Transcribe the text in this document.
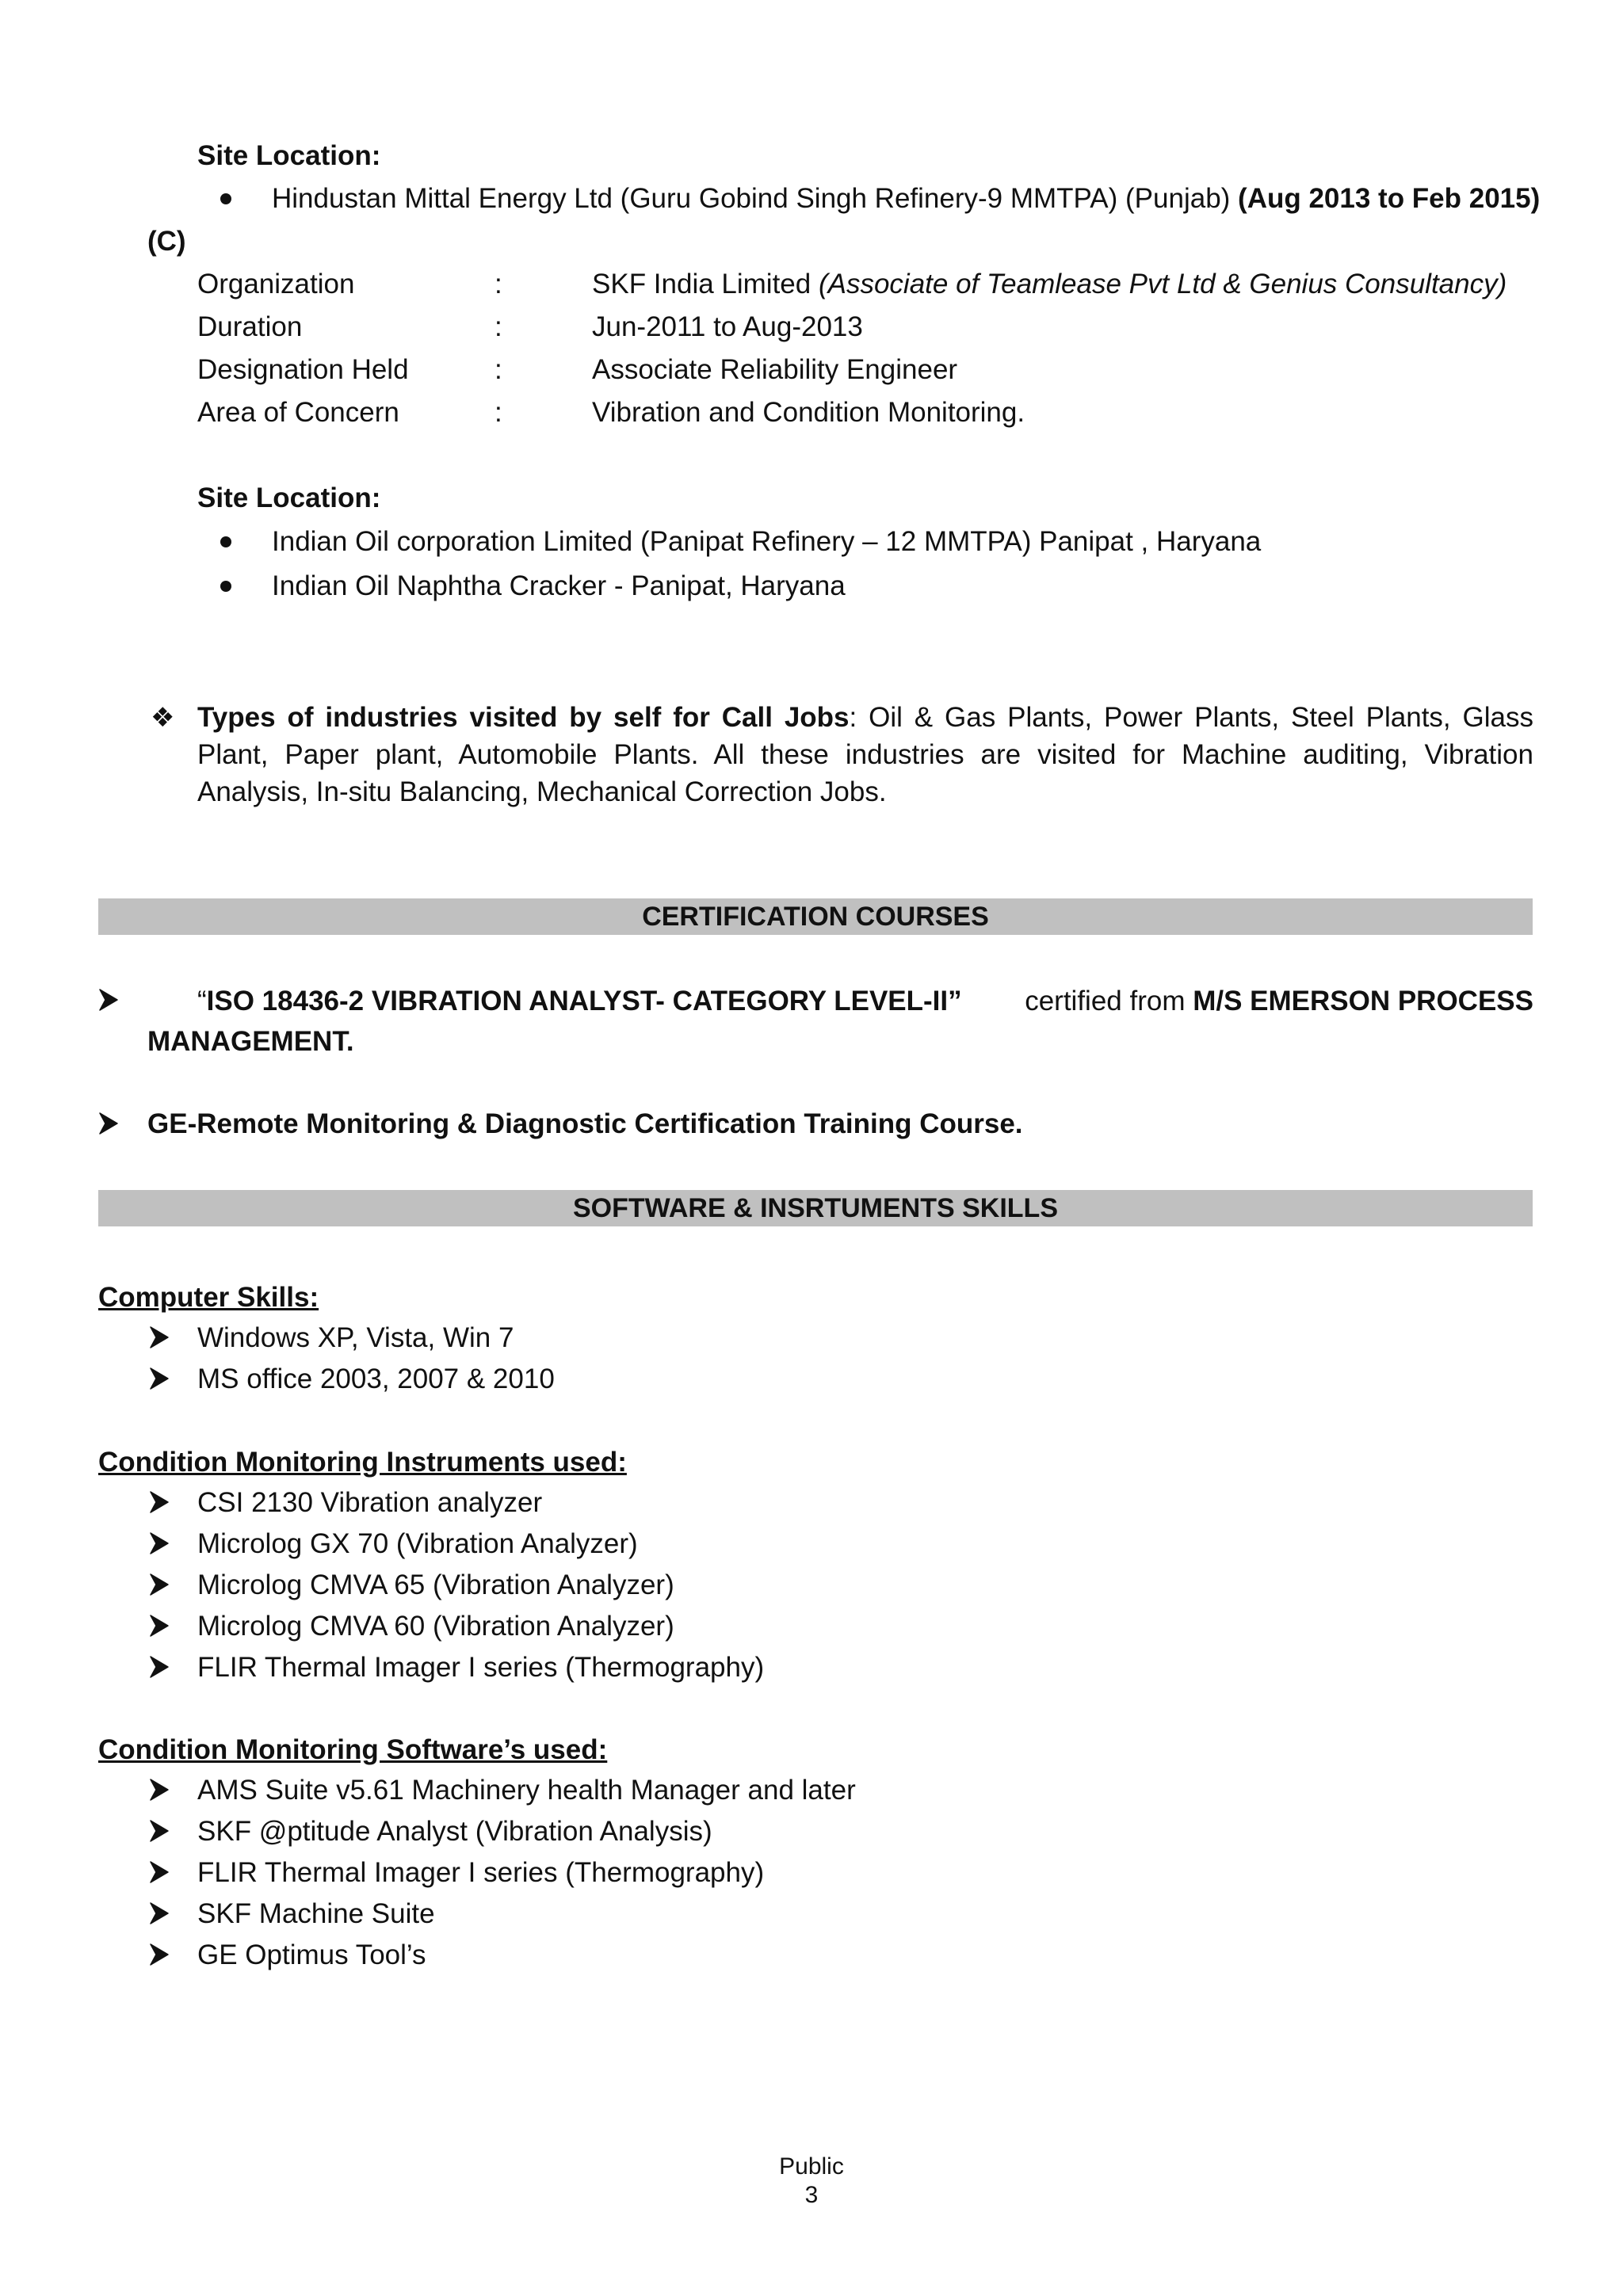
Site Location:
Hindustan Mittal Energy Ltd (Guru Gobind Singh Refinery-9 MMTPA) (Punjab) (Aug 2013 to Feb 2015)
(C)
Organization	:	SKF India Limited (Associate of Teamlease Pvt Ltd & Genius Consultancy)
Duration	:	Jun-2011 to Aug-2013
Designation Held	:	Associate Reliability Engineer
Area of Concern	:	Vibration and Condition Monitoring.
Site Location:
Indian Oil corporation Limited (Panipat Refinery – 12 MMTPA) Panipat , Haryana
Indian Oil Naphtha Cracker - Panipat, Haryana
❖ Types of industries visited by self for Call Jobs: Oil & Gas Plants, Power Plants, Steel Plants, Glass Plant, Paper plant, Automobile Plants. All these industries are visited for Machine auditing, Vibration Analysis, In-situ Balancing, Mechanical Correction Jobs.
CERTIFICATION COURSES
“ISO 18436-2 VIBRATION ANALYST- CATEGORY LEVEL-II” certified from M/S EMERSON PROCESS
MANAGEMENT.
GE-Remote Monitoring & Diagnostic Certification Training Course.
SOFTWARE & INSRTUMENTS SKILLS
Computer Skills:
Windows XP, Vista, Win 7
MS office 2003, 2007 & 2010
Condition Monitoring Instruments used:
CSI 2130 Vibration analyzer
Microlog GX 70 (Vibration Analyzer)
Microlog CMVA 65 (Vibration Analyzer)
Microlog CMVA 60 (Vibration Analyzer)
FLIR Thermal Imager I series (Thermography)
Condition Monitoring Software’s used:
AMS Suite v5.61 Machinery health Manager and later
SKF @ptitude Analyst (Vibration Analysis)
FLIR Thermal Imager I series (Thermography)
SKF Machine Suite
GE Optimus Tool’s
Public
3
